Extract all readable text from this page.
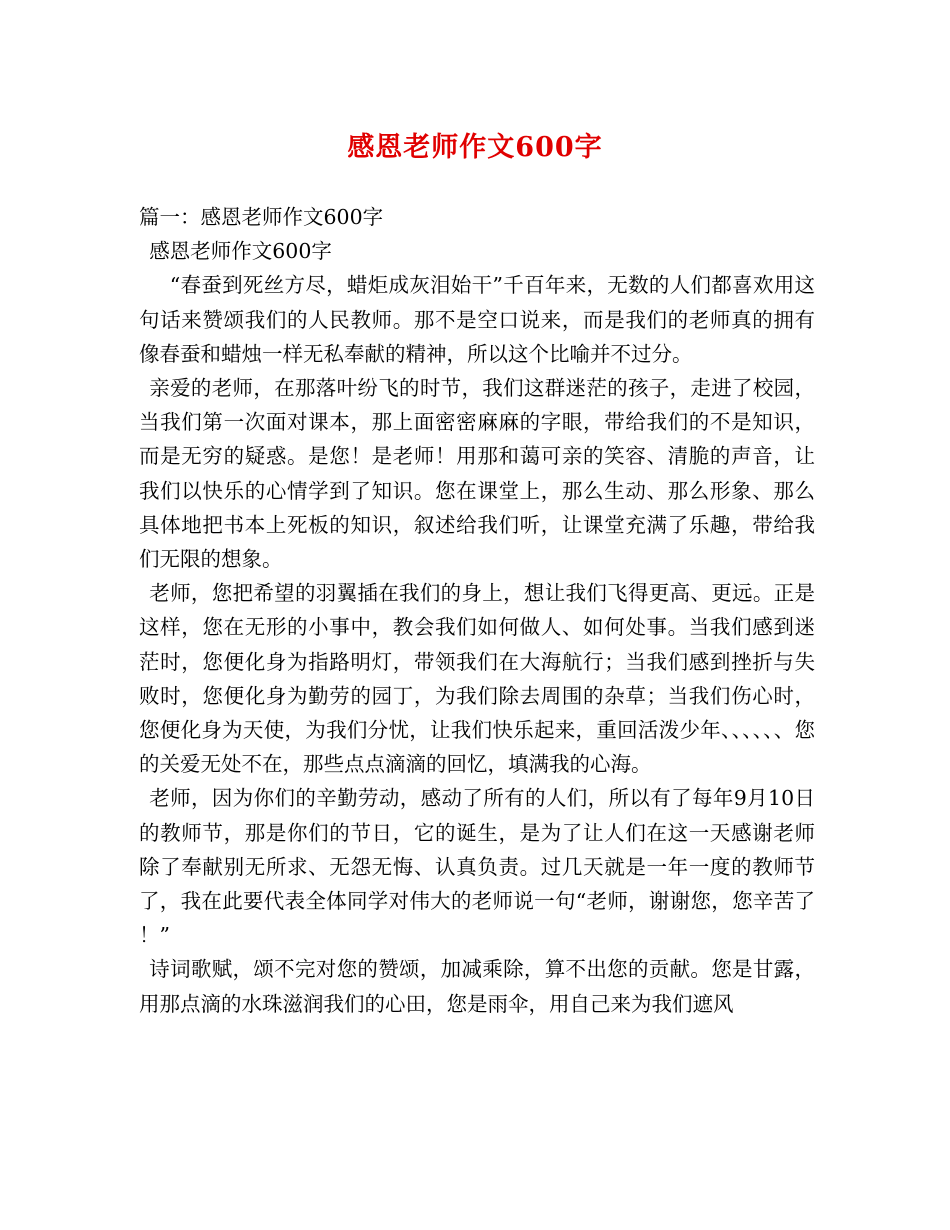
感恩老师作文600字

篇一：感恩老师作文600字

感恩老师作文600字

“春蚕到死丝方尽，蜡炬成灰泪始干”千百年来，无数的人们都喜欢用这句话来赞颂我们的人民教师。那不是空口说来，而是我们的老师真的拥有像春蚕和蜡烛一样无私奉献的精神，所以这个比喻并不过分。

亲爱的老师，在那落叶纷飞的时节，我们这群迷茫的孩子，走进了校园，当我们第一次面对课本，那上面密密麻麻的字眼，带给我们的不是知识，而是无穷的疑惑。是您！是老师！用那和蔼可亲的笑容、清脆的声音，让我们以快乐的心情学到了知识。您在课堂上，那么生动、那么形象、那么具体地把书本上死板的知识，叙述给我们听，让课堂充满了乐趣，带给我们无限的想象。

老师，您把希望的羽翼插在我们的身上，想让我们飞得更高、更远。正是这样，您在无形的小事中，教会我们如何做人、如何处事。当我们感到迷茫时，您便化身为指路明灯，带领我们在大海航行；当我们感到挫折与失败时，您便化身为勤劳的园丁，为我们除去周围的杂草；当我们伤心时，您便化身为天使，为我们分忧，让我们快乐起来，重回活泼少年、、、、、、您的关爱无处不在，那些点点滴滴的回忆，填满我的心海。

老师，因为你们的辛勤劳动，感动了所有的人们，所以有了每年9月10日的教师节，那是你们的节日，它的诞生，是为了让人们在这一天感谢老师除了奉献别无所求、无怨无悔、认真负责。过几天就是一年一度的教师节了，我在此要代表全体同学对伟大的老师说一句“老师，谢谢您，您辛苦了！”

诗词歌赋，颂不完对您的赞颂，加减乘除，算不出您的贡献。您是甘露，用那点滴的水珠滋润我们的心田，您是雨伞，用自己来为我们遮风
